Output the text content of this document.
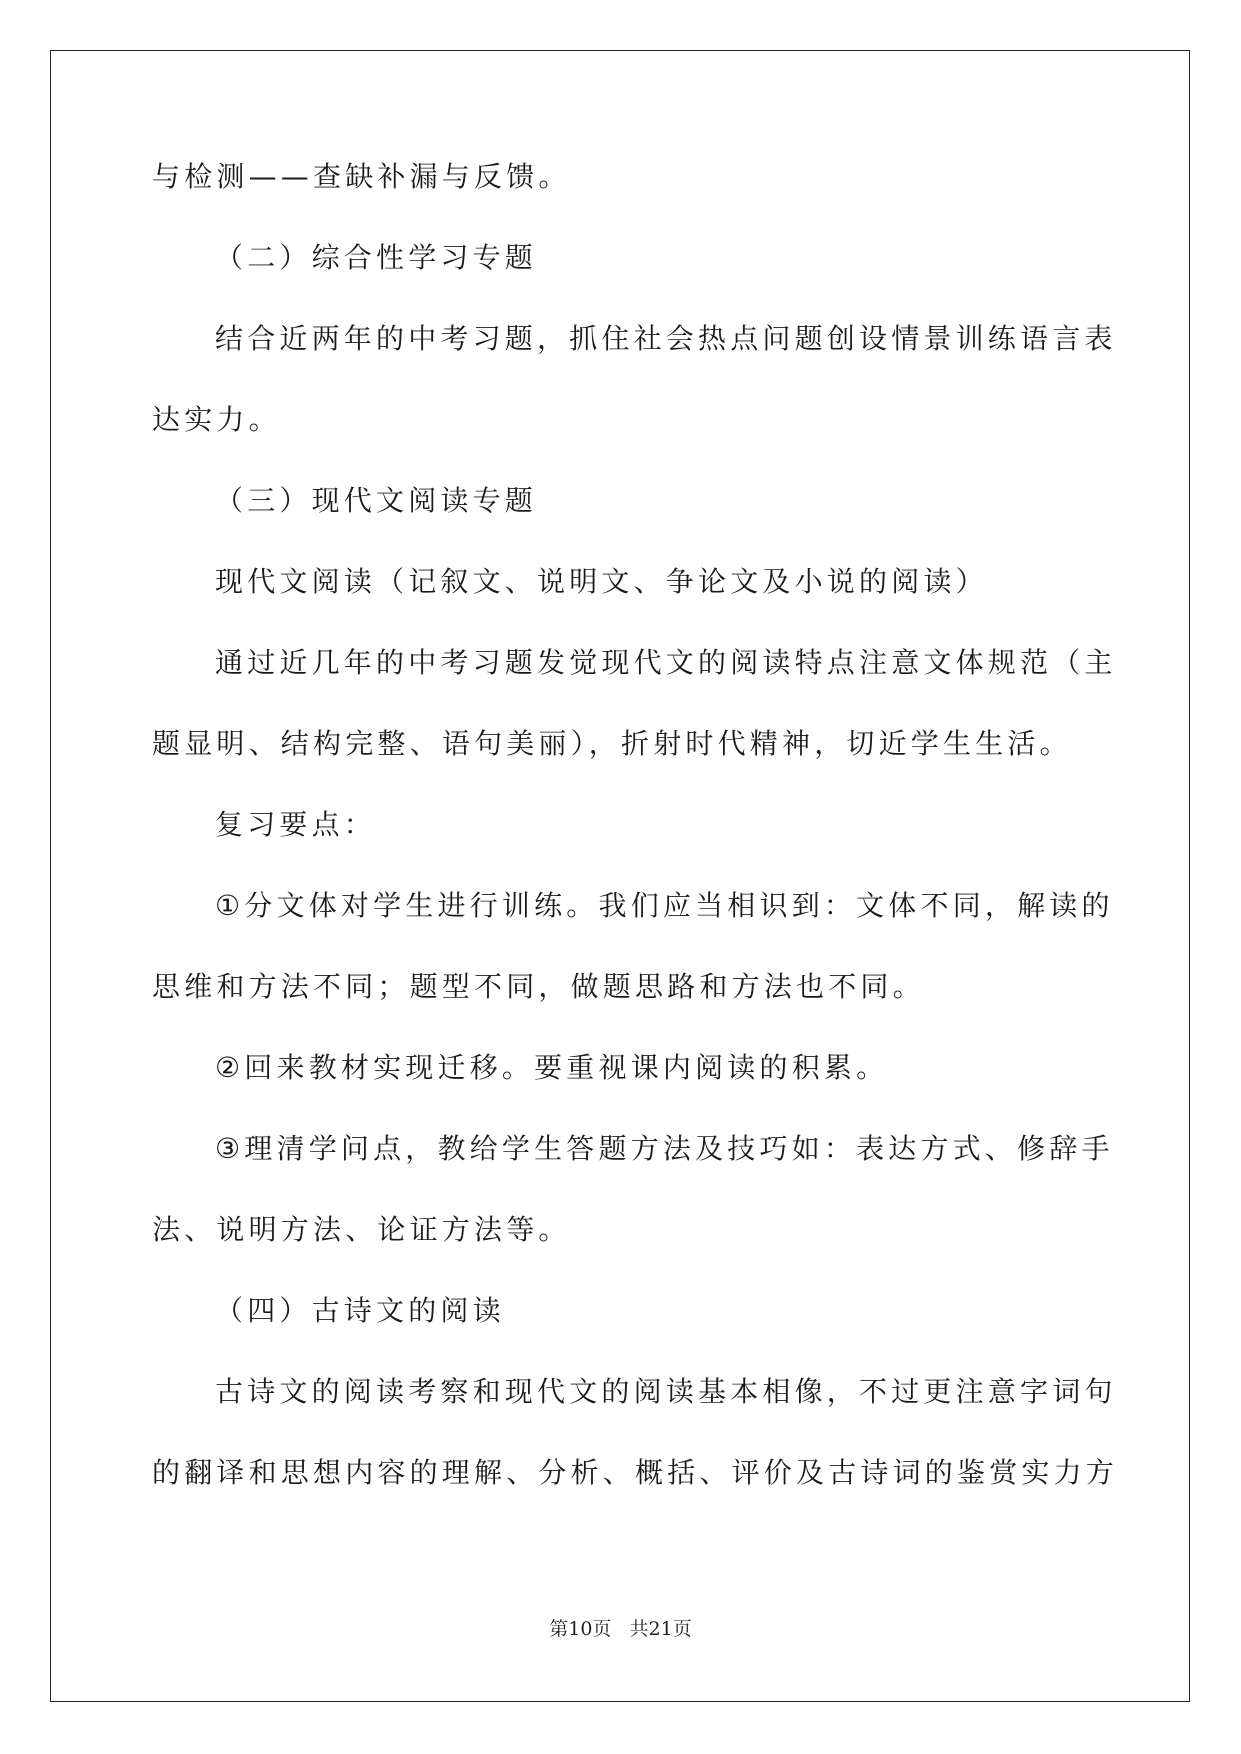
与检测——查缺补漏与反馈。
（二）综合性学习专题
结合近两年的中考习题，抓住社会热点问题创设情景训练语言表
达实力。
（三）现代文阅读专题
现代文阅读（记叙文、说明文、争论文及小说的阅读）
通过近几年的中考习题发觉现代文的阅读特点注意文体规范（主
题显明、结构完整、语句美丽），折射时代精神，切近学生生活。
复习要点：
①分文体对学生进行训练。我们应当相识到：文体不同，解读的
思维和方法不同；题型不同，做题思路和方法也不同。
②回来教材实现迁移。要重视课内阅读的积累。
③理清学问点，教给学生答题方法及技巧如：表达方式、修辞手
法、说明方法、论证方法等。
（四）古诗文的阅读
古诗文的阅读考察和现代文的阅读基本相像，不过更注意字词句
的翻译和思想内容的理解、分析、概括、评价及古诗词的鉴赏实力方
第10页 共21页
